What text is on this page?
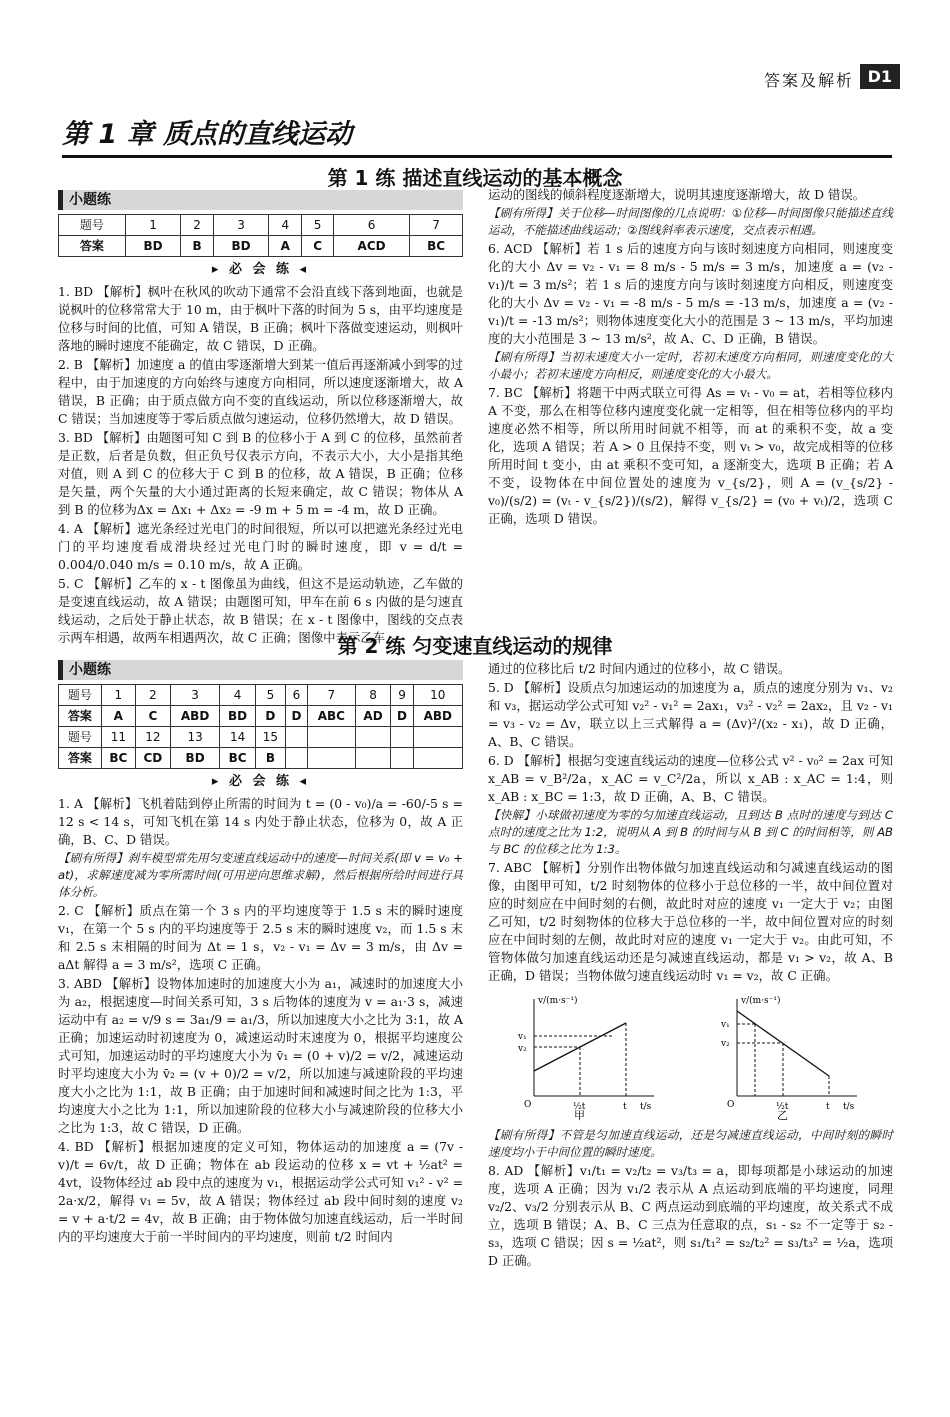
答案及解析 D1
第 1 章 质点的直线运动
第 1 练 描述直线运动的基本概念
小题练
题号	1	2	3	4	5	6	7
答案	BD	B	BD	A	C	ACD	BC
▸ 必 会 练 ◂

1. BD 【解析】枫叶在秋风的吹动下通常不会沿直线下落到地面，也就是说枫叶的位移常常大于 10 m，由于枫叶下落的时间为 5 s，由平均速度是位移与时间的比值，可知 A 错误，B 正确；枫叶下落做变速运动，则枫叶落地的瞬时速度不能确定，故 C 错误，D 正确。

2. B 【解析】加速度 a 的值由零逐渐增大到某一值后再逐渐减小到零的过程中，由于加速度的方向始终与速度方向相同，所以速度逐渐增大，故 A 错误，B 正确；由于质点做方向不变的直线运动，所以位移逐渐增大，故 C 错误；当加速度等于零后质点做匀速运动，位移仍然增大，故 D 错误。

3. BD 【解析】由题图可知 C 到 B 的位移小于 A 到 C 的位移，虽然前者是正数，后者是负数，但正负号仅表示方向，不表示大小，大小是指其绝对值，则 A 到 C 的位移大于 C 到 B 的位移，故 A 错误，B 正确；位移是矢量，两个矢量的大小通过距离的长短来确定，故 C 错误；物体从 A 到 B 的位移为Δx = Δx₁ + Δx₂ = -9 m + 5 m = -4 m，故 D 正确。

4. A 【解析】遮光条经过光电门的时间很短，所以可以把遮光条经过光电门的平均速度看成滑块经过光电门时的瞬时速度，即 v = d/t = 0.004/0.040 m/s = 0.10 m/s，故 A 正确。

5. C 【解析】乙车的 x - t 图像虽为曲线，但这不是运动轨迹，乙车做的是变速直线运动，故 A 错误；由题图可知，甲车在前 6 s 内做的是匀速直线运动，之后处于静止状态，故 B 错误；在 x - t 图像中，图线的交点表示两车相遇，故两车相遇两次，故 C 正确；图像中表示乙车

运动的图线的倾斜程度逐渐增大，说明其速度逐渐增大，故 D 错误。

【刷有所得】关于位移—时间图像的几点说明：①位移—时间图像只能描述直线运动，不能描述曲线运动；②图线斜率表示速度，交点表示相遇。

6. ACD 【解析】若 1 s 后的速度方向与该时刻速度方向相同，则速度变化的大小 Δv = v₂ - v₁ = 8 m/s - 5 m/s = 3 m/s，加速度 a = (v₂ - v₁)/t = 3 m/s²；若 1 s 后的速度方向与该时刻速度方向相反，则速度变化的大小 Δv = v₂ - v₁ = -8 m/s - 5 m/s = -13 m/s，加速度 a = (v₂ - v₁)/t = -13 m/s²；则物体速度变化大小的范围是 3 ~ 13 m/s，平均加速度的大小范围是 3 ~ 13 m/s²，故 A、C、D 正确，B 错误。

【刷有所得】当初末速度大小一定时，若初末速度方向相同，则速度变化的大小最小；若初末速度方向相反，则速度变化的大小最大。

7. BC 【解析】将题干中两式联立可得 As = vₜ - v₀ = at，若相等位移内 A 不变，那么在相等位移内速度变化就一定相等，但在相等位移内的平均速度必然不相等，所以所用时间就不相等，而 at 的乘积不变，故 a 变化，选项 A 错误；若 A > 0 且保持不变，则 vₜ > v₀，故完成相等的位移所用时间 t 变小，由 at 乘积不变可知，a 逐渐变大，选项 B 正确；若 A 不变，设物体在中间位置处的速度为 v_{s/2}，则 A = (v_{s/2} - v₀)/(s/2) = (vₜ - v_{s/2})/(s/2)，解得 v_{s/2} = (v₀ + vₜ)/2，选项 C 正确，选项 D 错误。

第 2 练 匀变速直线运动的规律
小题练
题号	1	2	3	4	5	6	7	8	9	10
答案	A	C	ABD	BD	D	D	ABC	AD	D	ABD
题号	11	12	13	14	15					
答案	BC	CD	BD	BC	B					
▸ 必 会 练 ◂

1. A 【解析】飞机着陆到停止所需的时间为 t = (0 - v₀)/a = -60/-5 s = 12 s < 14 s，可知飞机在第 14 s 内处于静止状态，位移为 0，故 A 正确，B、C、D 错误。

【刷有所得】刹车模型常先用匀变速直线运动中的速度—时间关系(即 v = v₀ + at)，求解速度减为零所需时间(可用逆向思维求解)，然后根据所给时间进行具体分析。

2. C 【解析】质点在第一个 3 s 内的平均速度等于 1.5 s 末的瞬时速度 v₁，在第一个 5 s 内的平均速度等于 2.5 s 末的瞬时速度 v₂，而 1.5 s 末和 2.5 s 末相隔的时间为 Δt = 1 s，v₂ - v₁ = Δv = 3 m/s，由 Δv = aΔt 解得 a = 3 m/s²，选项 C 正确。

3. ABD 【解析】设物体加速时的加速度大小为 a₁，减速时的加速度大小为 a₂，根据速度—时间关系可知，3 s 后物体的速度为 v = a₁·3 s，减速运动中有 a₂ = v/9 s = 3a₁/9 = a₁/3，所以加速度大小之比为 3:1，故 A 正确；加速运动时初速度为 0，减速运动时末速度为 0，根据平均速度公式可知，加速运动时的平均速度大小为 v̄₁ = (0 + v)/2 = v/2，减速运动时平均速度大小为 v̄₂ = (v + 0)/2 = v/2，所以加速与减速阶段的平均速度大小之比为 1:1，故 B 正确；由于加速时间和减速时间之比为 1:3，平均速度大小之比为 1:1，所以加速阶段的位移大小与减速阶段的位移大小之比为 1:3，故 C 错误，D 正确。

4. BD 【解析】根据加速度的定义可知，物体运动的加速度 a = (7v - v)/t = 6v/t，故 D 正确；物体在 ab 段运动的位移 x = vt + ½at² = 4vt，设物体经过 ab 段中点的速度为 v₁，根据运动学公式可知 v₁² - v² = 2a·x/2，解得 v₁ = 5v，故 A 错误；物体经过 ab 段中间时刻的速度 v₂ = v + a·t/2 = 4v，故 B 正确；由于物体做匀加速直线运动，后一半时间内的平均速度大于前一半时间内的平均速度，则前 t/2 时间内

通过的位移比后 t/2 时间内通过的位移小，故 C 错误。

5. D 【解析】设质点匀加速运动的加速度为 a，质点的速度分别为 v₁、v₂ 和 v₃，据运动学公式可知 v₂² - v₁² = 2ax₁，v₃² - v₂² = 2ax₂，且 v₂ - v₁ = v₃ - v₂ = Δv，联立以上三式解得 a = (Δv)²/(x₂ - x₁)，故 D 正确，A、B、C 错误。

6. D 【解析】根据匀变速直线运动的速度—位移公式 v² - v₀² = 2ax 可知 x_AB = v_B²/2a，x_AC = v_C²/2a，所以 x_AB : x_AC = 1:4，则 x_AB : x_BC = 1:3，故 D 正确，A、B、C 错误。

【快解】小球做初速度为零的匀加速直线运动，且到达 B 点时的速度与到达 C 点时的速度之比为 1:2，说明从 A 到 B 的时间与从 B 到 C 的时间相等，则 AB 与 BC 的位移之比为 1:3。

7. ABC 【解析】分别作出物体做匀加速直线运动和匀减速直线运动的图像，由图甲可知，t/2 时刻物体的位移小于总位移的一半，故中间位置对应的时刻应在中间时刻的右侧，故此时对应的速度 v₁ 一定大于 v₂；由图乙可知，t/2 时刻物体的位移大于总位移的一半，故中间位置对应的时刻应在中间时刻的左侧，故此时对应的速度 v₁ 一定大于 v₂。由此可知，不管物体做匀加速直线运动还是匀减速直线运动，都是 v₁ > v₂，故 A、B 正确，D 错误；当物体做匀速直线运动时 v₁ = v₂，故 C 正确。

v/(m·s⁻¹)
t/s
O
v₁
v₂
½t	t
甲
v/(m·s⁻¹)
t/s
O
v₁
v₂
½t	t
乙

【刷有所得】不管是匀加速直线运动，还是匀减速直线运动，中间时刻的瞬时速度均小于中间位置的瞬时速度。

8. AD 【解析】v₁/t₁ = v₂/t₂ = v₃/t₃ = a，即每项都是小球运动的加速度，选项 A 正确；因为 v₁/2 表示从 A 点运动到底端的平均速度，同理 v₂/2、v₃/2 分别表示从 B、C 两点运动到底端的平均速度，故关系式不成立，选项 B 错误；A、B、C 三点为任意取的点，s₁ - s₂ 不一定等于 s₂ - s₃，选项 C 错误；因 s = ½at²，则 s₁/t₁² = s₂/t₂² = s₃/t₃² = ½a，选项 D 正确。
